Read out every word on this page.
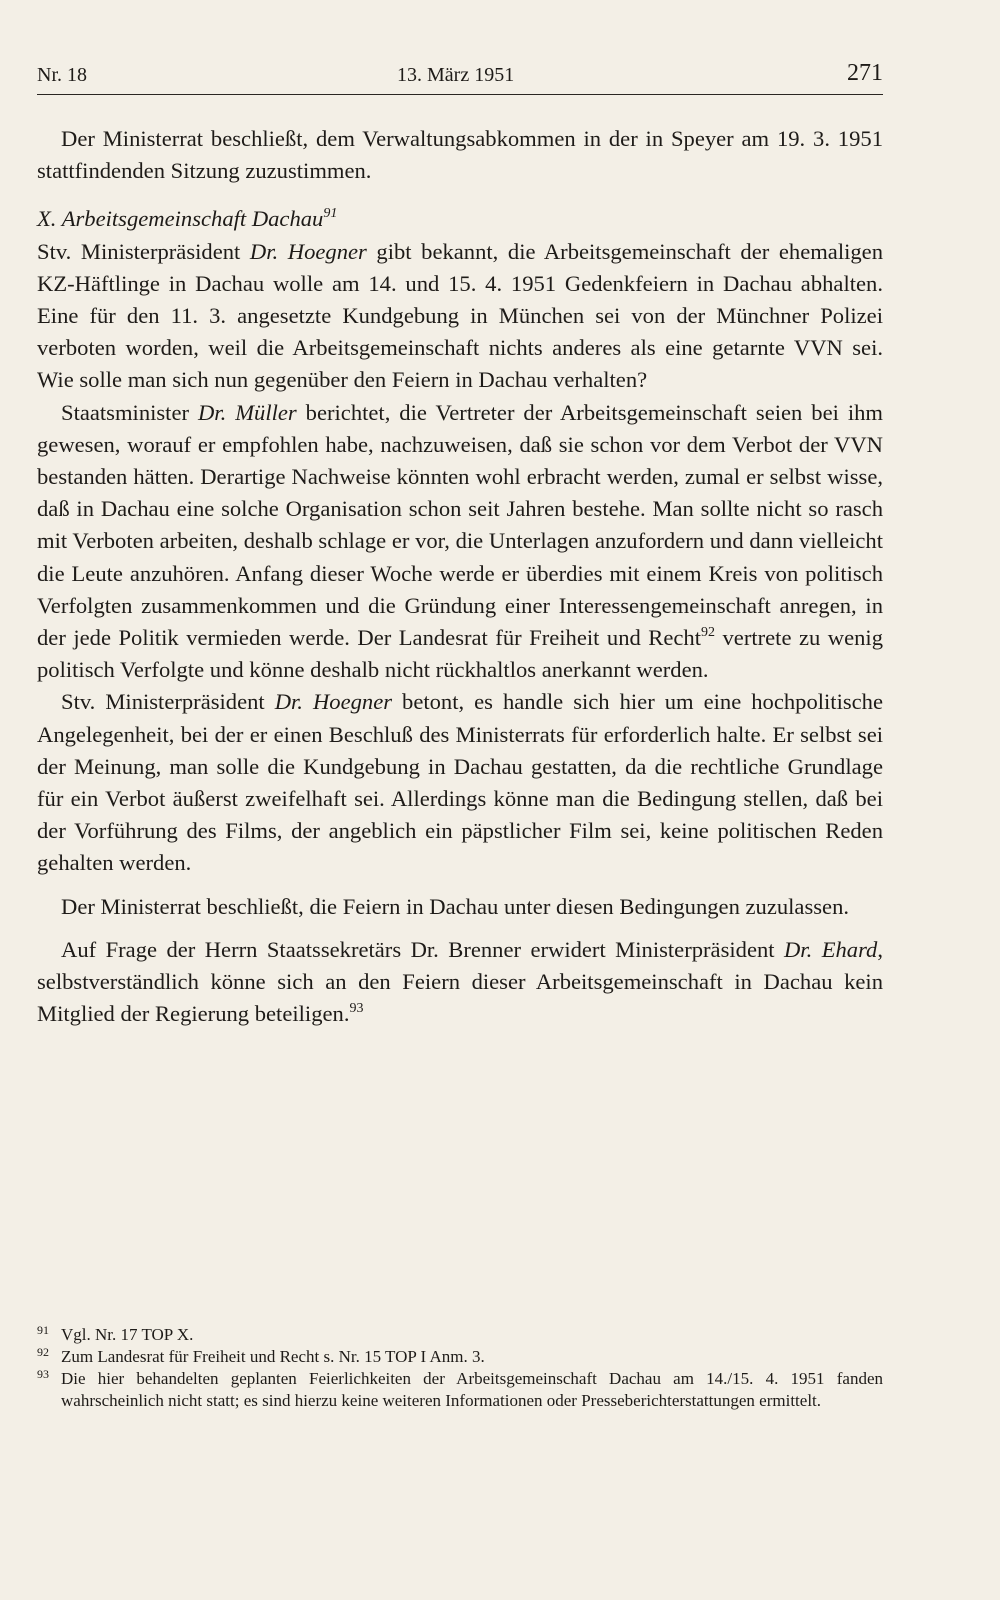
Nr. 18	13. März 1951	271

Der Ministerrat beschließt, dem Verwaltungsabkommen in der in Speyer am 19. 3. 1951 stattfindenden Sitzung zuzustimmen.

X. Arbeitsgemeinschaft Dachau$^{91}$

Stv. Ministerpräsident Dr. Hoegner gibt bekannt, die Arbeitsgemeinschaft der ehemaligen KZ-Häftlinge in Dachau wolle am 14. und 15. 4. 1951 Gedenkfeiern in Dachau abhalten. Eine für den 11. 3. angesetzte Kundgebung in München sei von der Münchner Polizei verboten worden, weil die Arbeitsgemeinschaft nichts anderes als eine getarnte VVN sei. Wie solle man sich nun gegenüber den Feiern in Dachau verhalten?

Staatsminister Dr. Müller berichtet, die Vertreter der Arbeitsgemeinschaft seien bei ihm gewesen, worauf er empfohlen habe, nachzuweisen, daß sie schon vor dem Verbot der VVN bestanden hätten. Derartige Nachweise könnten wohl erbracht werden, zumal er selbst wisse, daß in Dachau eine solche Organisation schon seit Jahren bestehe. Man sollte nicht so rasch mit Verboten arbeiten, deshalb schlage er vor, die Unterlagen anzufordern und dann vielleicht die Leute anzuhören. Anfang dieser Woche werde er überdies mit einem Kreis von politisch Verfolgten zusammenkommen und die Gründung einer Interessengemeinschaft anregen, in der jede Politik vermieden werde. Der Landesrat für Freiheit und Recht$^{92}$ vertrete zu wenig politisch Verfolgte und könne deshalb nicht rückhaltlos anerkannt werden.

Stv. Ministerpräsident Dr. Hoegner betont, es handle sich hier um eine hochpolitische Angelegenheit, bei der er einen Beschluß des Ministerrats für erforderlich halte. Er selbst sei der Meinung, man solle die Kundgebung in Dachau gestatten, da die rechtliche Grundlage für ein Verbot äußerst zweifelhaft sei. Allerdings könne man die Bedingung stellen, daß bei der Vorführung des Films, der angeblich ein päpstlicher Film sei, keine politischen Reden gehalten werden.

Der Ministerrat beschließt, die Feiern in Dachau unter diesen Bedingungen zuzulassen.

Auf Frage der Herrn Staatssekretärs Dr. Brenner erwidert Ministerpräsident Dr. Ehard, selbstverständlich könne sich an den Feiern dieser Arbeitsgemeinschaft in Dachau kein Mitglied der Regierung beteiligen.$^{93}$

91 Vgl. Nr. 17 TOP X.
92 Zum Landesrat für Freiheit und Recht s. Nr. 15 TOP I Anm. 3.
93 Die hier behandelten geplanten Feierlichkeiten der Arbeitsgemeinschaft Dachau am 14./15. 4. 1951 fanden wahrscheinlich nicht statt; es sind hierzu keine weiteren Informationen oder Presseberichterstattungen ermittelt.
